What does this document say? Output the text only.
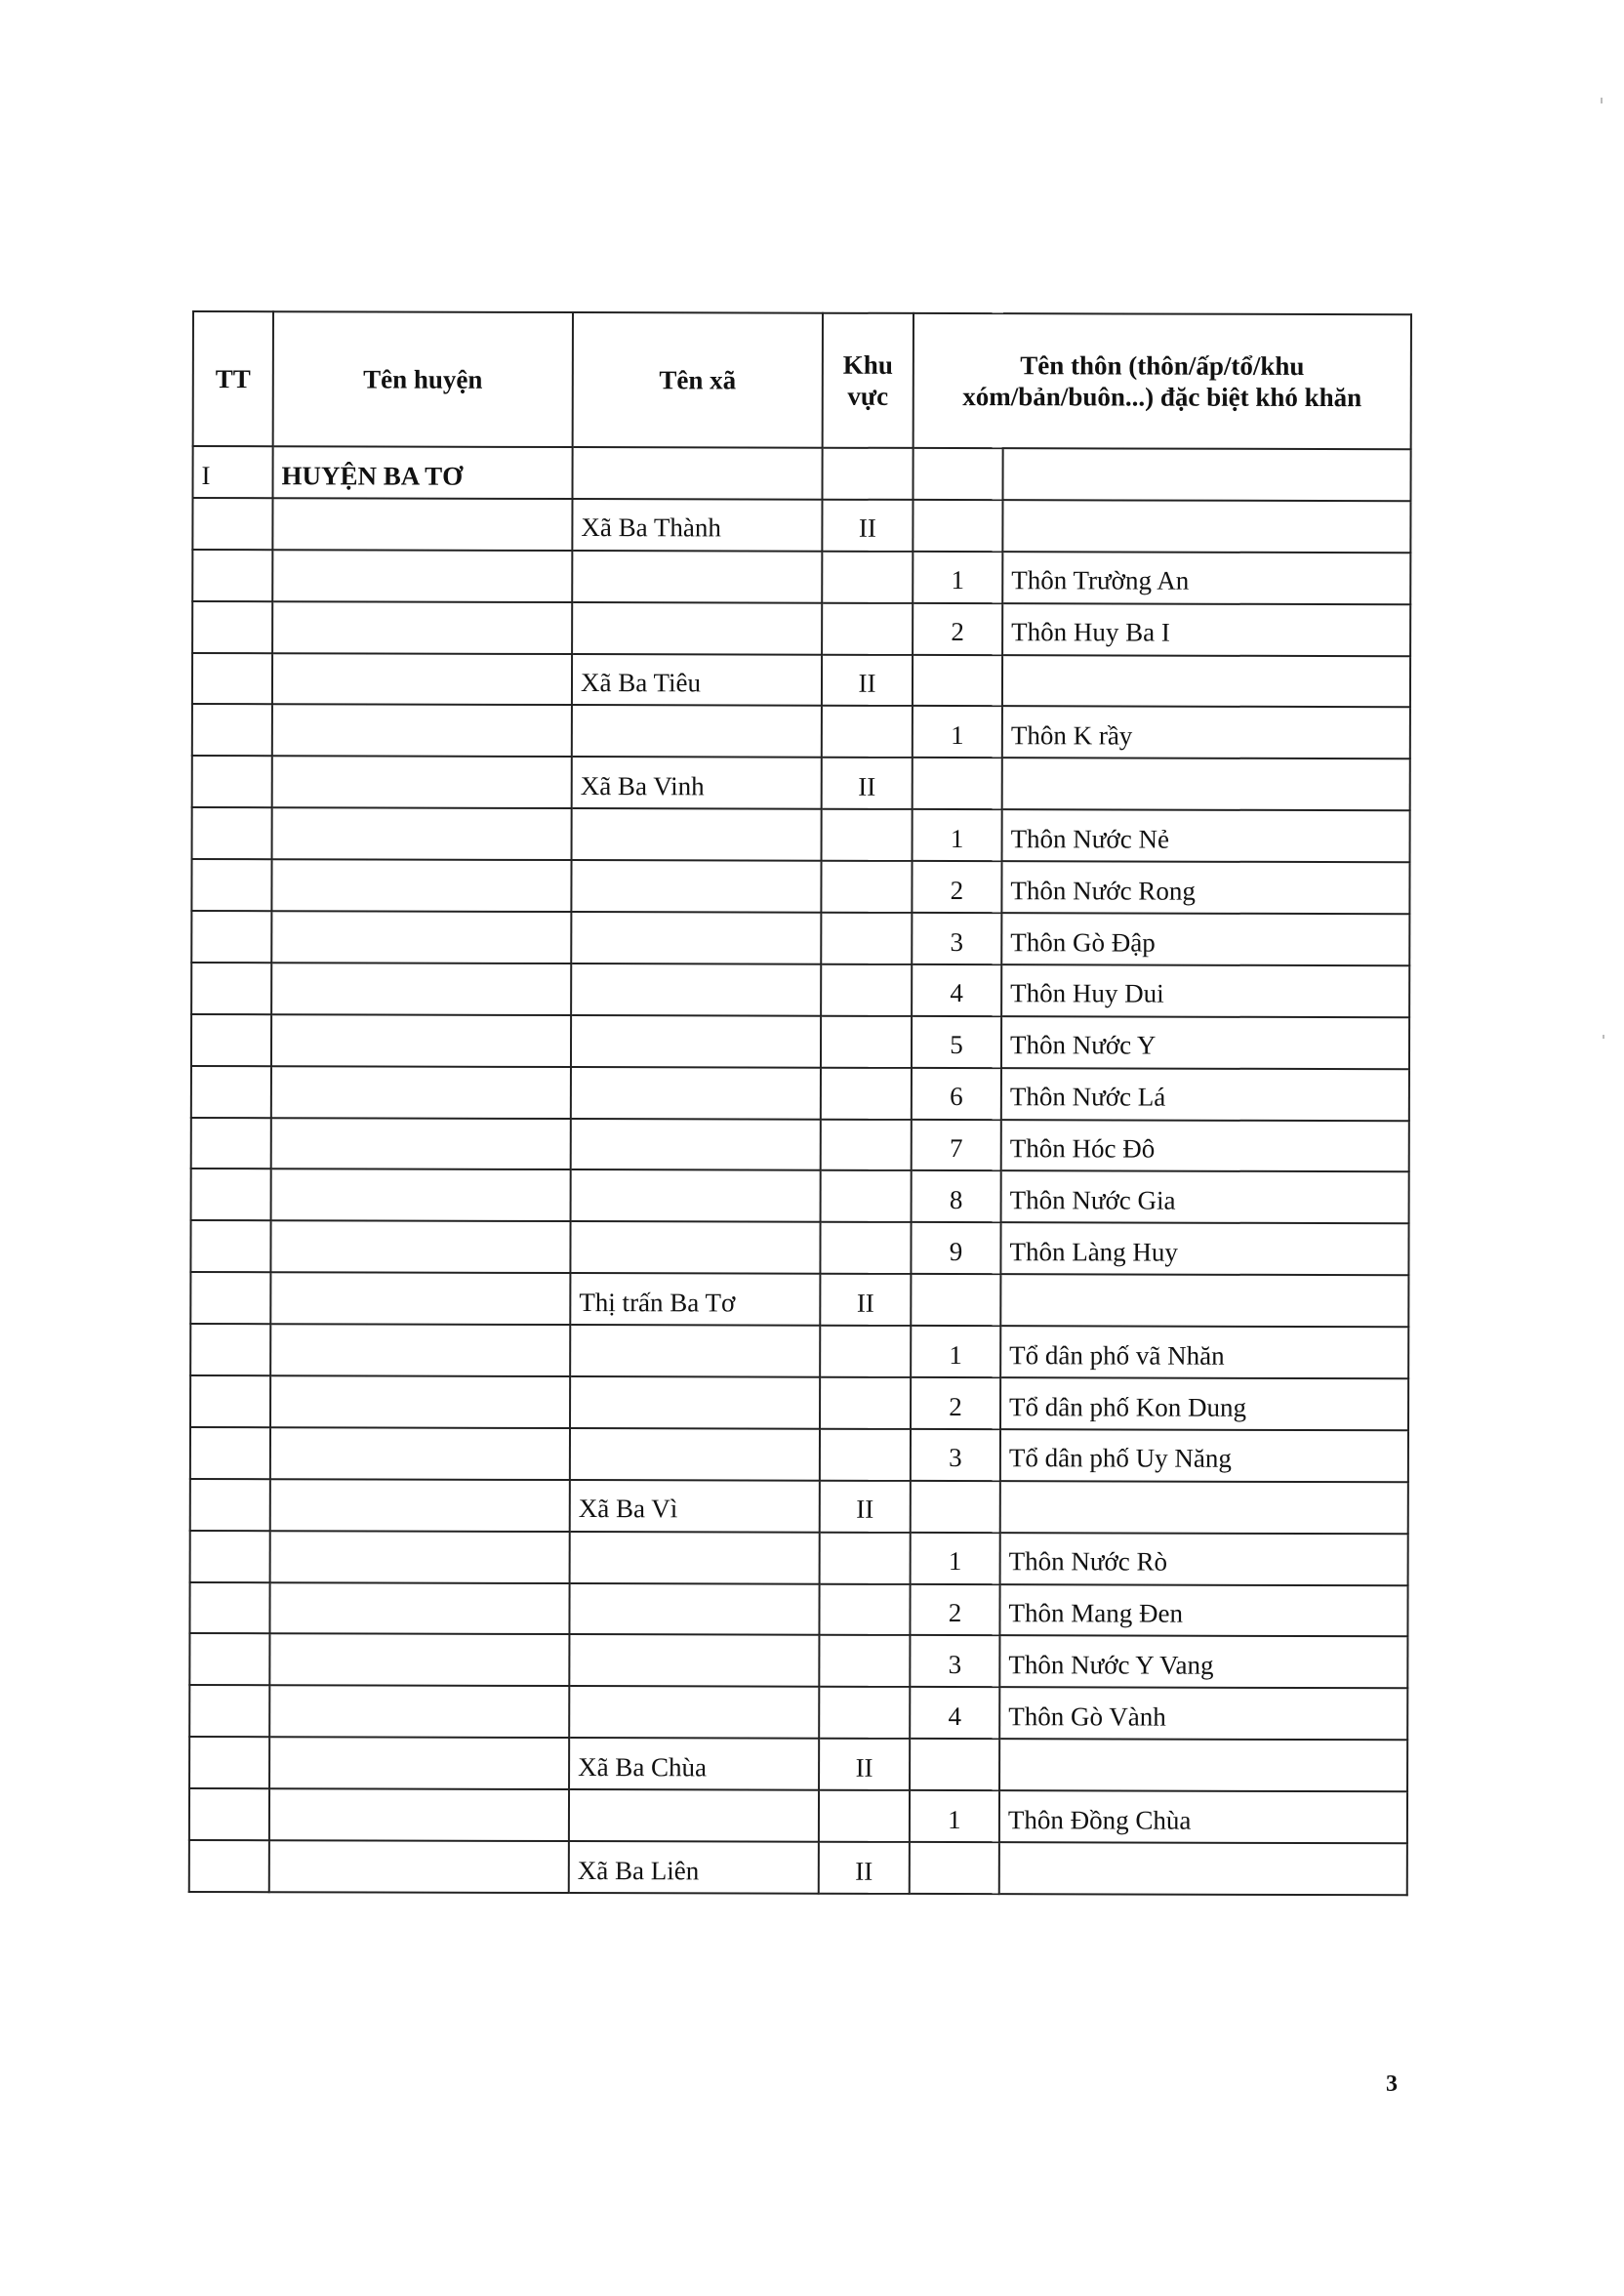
TT	Tên huyện	Tên xã	Khu vực	Tên thôn (thôn/ấp/tổ/khu xóm/bản/buôn...) đặc biệt khó khăn	
I	HUYỆN BA TƠ				
		Xã Ba Thành	II		
				1	Thôn Trường An
				2	Thôn Huy Ba I
		Xã Ba Tiêu	II		
				1	Thôn K rầy
		Xã Ba Vinh	II		
				1	Thôn Nước Nẻ
				2	Thôn Nước Rong
				3	Thôn Gò Đập
				4	Thôn Huy Dui
				5	Thôn Nước Y
				6	Thôn Nước Lá
				7	Thôn Hóc Đô
				8	Thôn Nước Gia
				9	Thôn Làng Huy
		Thị trấn Ba Tơ	II		
				1	Tổ dân phố vã Nhăn
				2	Tổ dân phố Kon Dung
				3	Tổ dân phố Uy Năng
		Xã Ba Vì	II		
				1	Thôn Nước Rò
				2	Thôn Mang Đen
				3	Thôn Nước Y Vang
				4	Thôn Gò Vành
		Xã Ba Chùa	II		
				1	Thôn Đồng Chùa
		Xã Ba Liên	II		
3
